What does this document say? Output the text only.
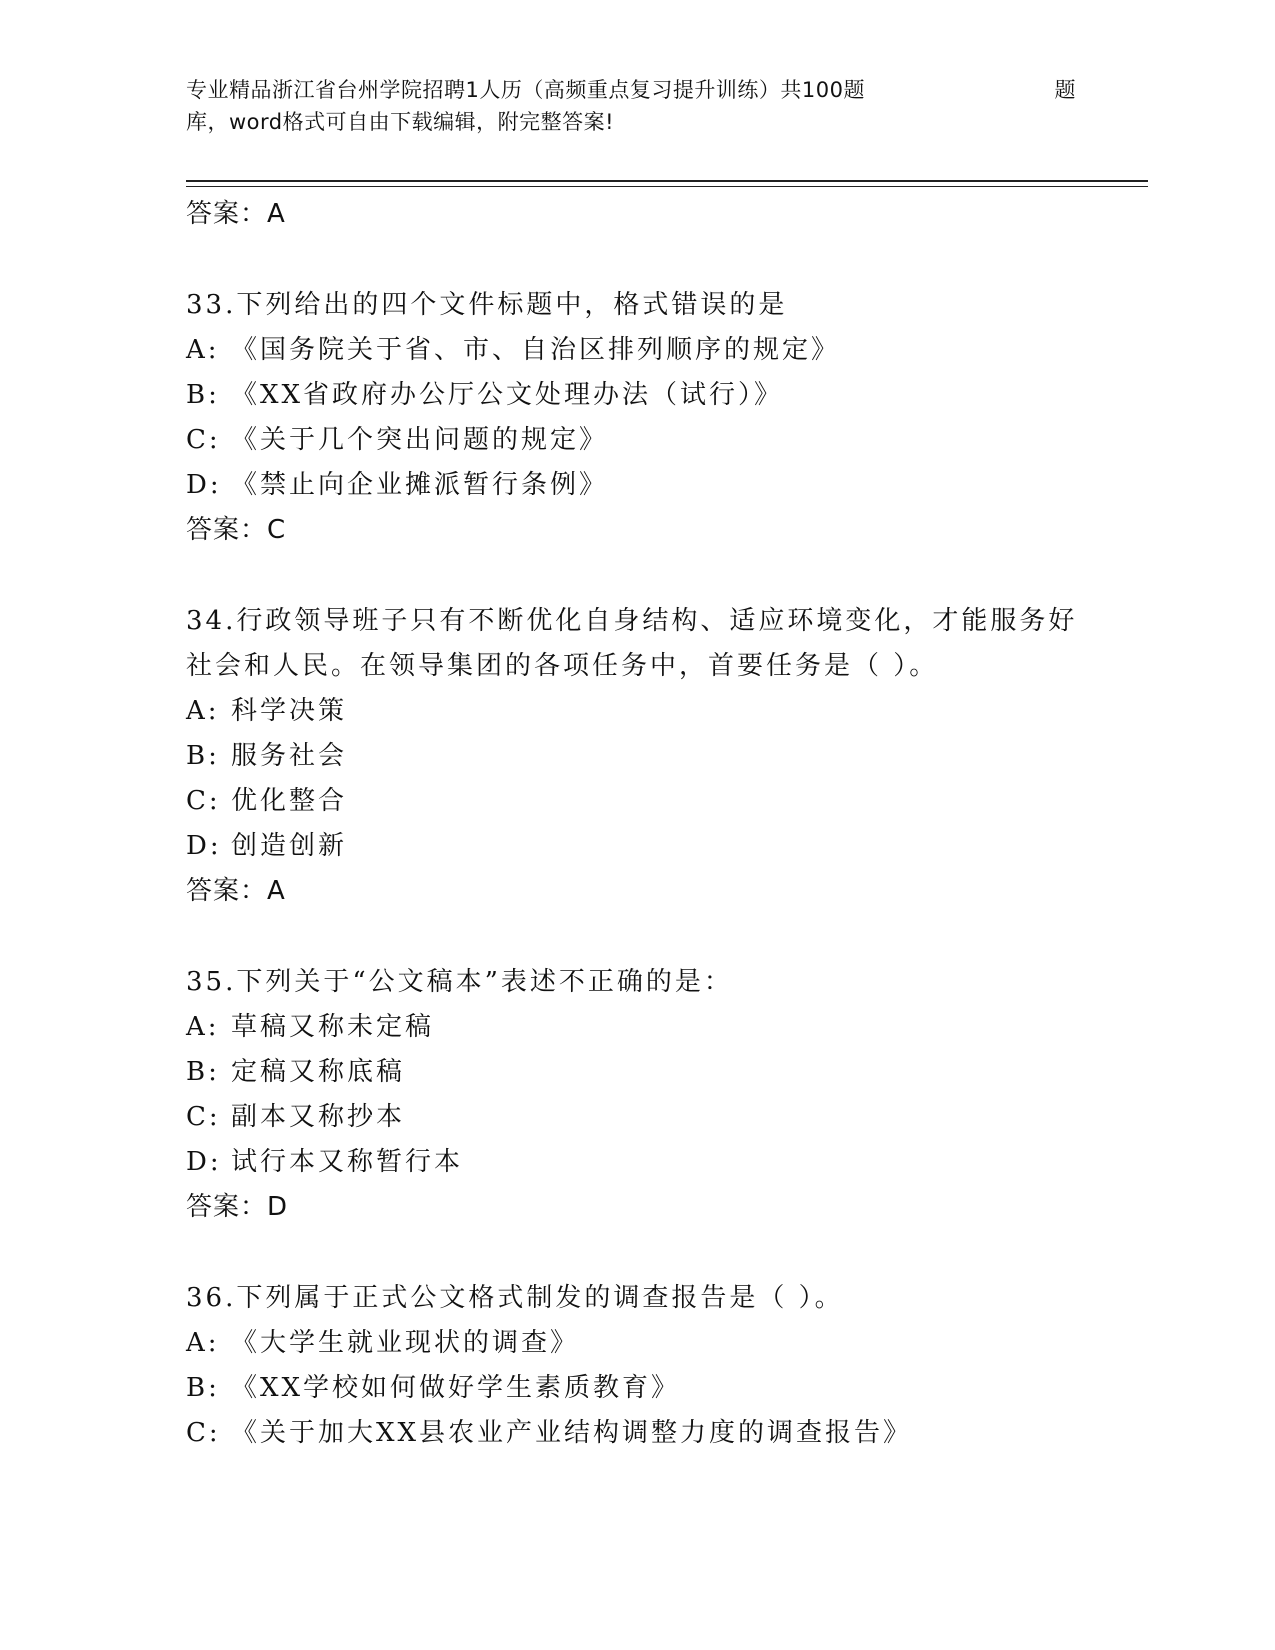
专业精品浙江省台州学院招聘1人历（高频重点复习提升训练）共100题	题
库，word格式可自由下载编辑，附完整答案!
答案：A
33.下列给出的四个文件标题中，格式错误的是
A: 《国务院关于省、市、自治区排列顺序的规定》
B: 《XX省政府办公厅公文处理办法（试行）》
C: 《关于几个突出问题的规定》
D: 《禁止向企业摊派暂行条例》
答案：C
34.行政领导班子只有不断优化自身结构、适应环境变化，才能服务好
社会和人民。在领导集团的各项任务中，首要任务是（ ）。
A: 科学决策
B: 服务社会
C: 优化整合
D: 创造创新
答案：A
35.下列关于“公文稿本”表述不正确的是：
A: 草稿又称未定稿
B: 定稿又称底稿
C: 副本又称抄本
D: 试行本又称暂行本
答案：D
36.下列属于正式公文格式制发的调查报告是（ ）。
A: 《大学生就业现状的调查》
B: 《XX学校如何做好学生素质教育》
C: 《关于加大XX县农业产业结构调整力度的调查报告》
